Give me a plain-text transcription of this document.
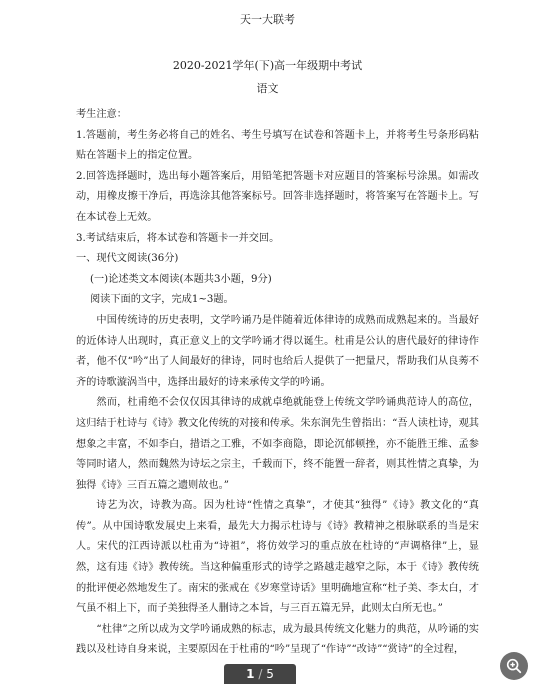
天一大联考
2020-2021学年(下)高一年级期中考试
语文

考生注意：

1.答题前，考生务必将自己的姓名、考生号填写在试卷和答题卡上，并将考生号条形码粘贴在答题卡上的指定位置。

2.回答选择题时，选出每小题答案后，用铅笔把答题卡对应题目的答案标号涂黑。如需改动，用橡皮擦干净后，再选涂其他答案标号。回答非选择题时，将答案写在答题卡上。写在本试卷上无效。

3.考试结束后，将本试卷和答题卡一并交回。

一、现代文阅读(36分)

(一)论述类文本阅读(本题共3小题，9分)

阅读下面的文字，完成1~3题。

中国传统诗的历史表明，文学吟诵乃是伴随着近体律诗的成熟而成熟起来的。当最好的近体诗人出现时，真正意义上的文学吟诵才得以诞生。杜甫是公认的唐代最好的律诗作者，他不仅“吟”出了人间最好的律诗，同时也给后人提供了一把量尺，帮助我们从良莠不齐的诗歌漩涡当中，选择出最好的诗来承传文学的吟诵。

然而，杜甫绝不会仅仅因其律诗的成就卓绝就能登上传统文学吟诵典范诗人的高位，这归结于杜诗与《诗》教文化传统的对接和传承。朱东润先生曾指出：“吾人读杜诗，观其想象之丰富，不如李白，措语之工雅，不如李商隐，即论沉郁顿挫，亦不能胜王维、孟参等同时诸人，然而魏然为诗坛之宗主，千载而下，终不能置一辞者，则其性情之真挚，为独得《诗》三百五篇之遗则故也。”

诗艺为次，诗教为高。因为杜诗“性情之真挚”，才使其“独得”《诗》教文化的“真传”。从中国诗歌发展史上来看，最先大力揭示杜诗与《诗》教精神之根脉联系的当是宋人。宋代的江西诗派以杜甫为“诗祖”，将仿效学习的重点放在杜诗的“声调格律”上，显然，这有违《诗》教传统。当这种偏重形式的诗学之路越走越窄之际，本于《诗》教传统的批评便必然地发生了。南宋的张戒在《岁寒堂诗话》里明确地宣称“杜子美、李太白，才气虽不相上下，而子美独得圣人删诗之本旨，与三百五篇无异，此则太白所无也。”

“杜律”之所以成为文学吟诵成熟的标志，成为最具传统文化魅力的典范，从吟诵的实践以及杜诗自身来说，主要原因在于杜甫的“吟”呈现了“作诗”“改诗”“赏诗”的全过程，

1 / 5
